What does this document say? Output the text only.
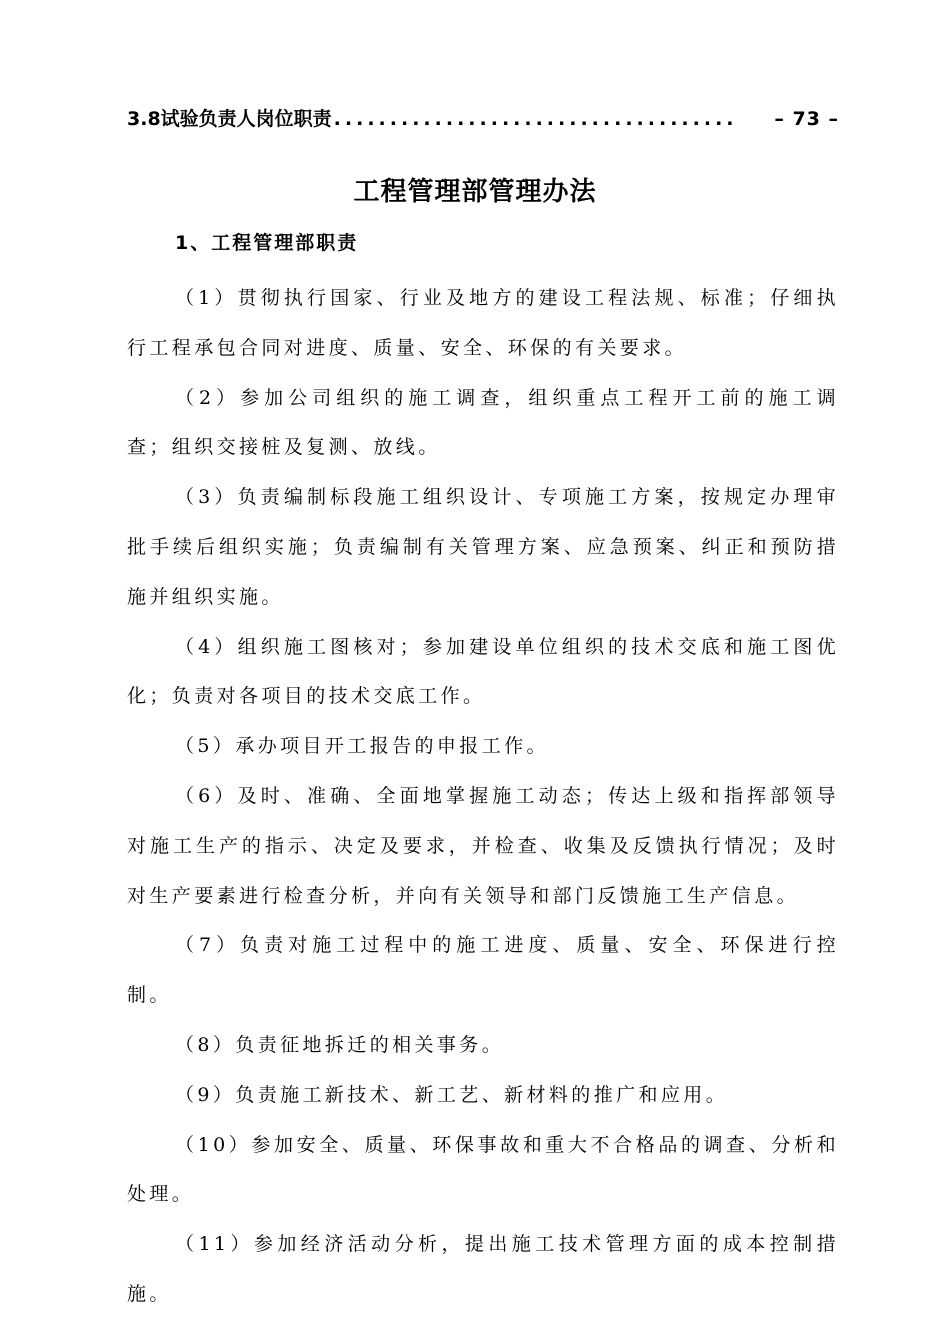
3.8试验负责人岗位职责 ....................................	– 73 –
工程管理部管理办法
1、工程管理部职责

（1）贯彻执行国家、行业及地方的建设工程法规、标准；仔细执行工程承包合同对进度、质量、安全、环保的有关要求。

（2）参加公司组织的施工调查，组织重点工程开工前的施工调查；组织交接桩及复测、放线。

（3）负责编制标段施工组织设计、专项施工方案，按规定办理审批手续后组织实施；负责编制有关管理方案、应急预案、纠正和预防措施并组织实施。

（4）组织施工图核对；参加建设单位组织的技术交底和施工图优化；负责对各项目的技术交底工作。

（5）承办项目开工报告的申报工作。

（6）及时、准确、全面地掌握施工动态；传达上级和指挥部领导对施工生产的指示、决定及要求，并检查、收集及反馈执行情况；及时对生产要素进行检查分析，并向有关领导和部门反馈施工生产信息。

（7）负责对施工过程中的施工进度、质量、安全、环保进行控制。

（8）负责征地拆迁的相关事务。

（9）负责施工新技术、新工艺、新材料的推广和应用。

（10）参加安全、质量、环保事故和重大不合格品的调查、分析和处理。

（11）参加经济活动分析，提出施工技术管理方面的成本控制措施。
